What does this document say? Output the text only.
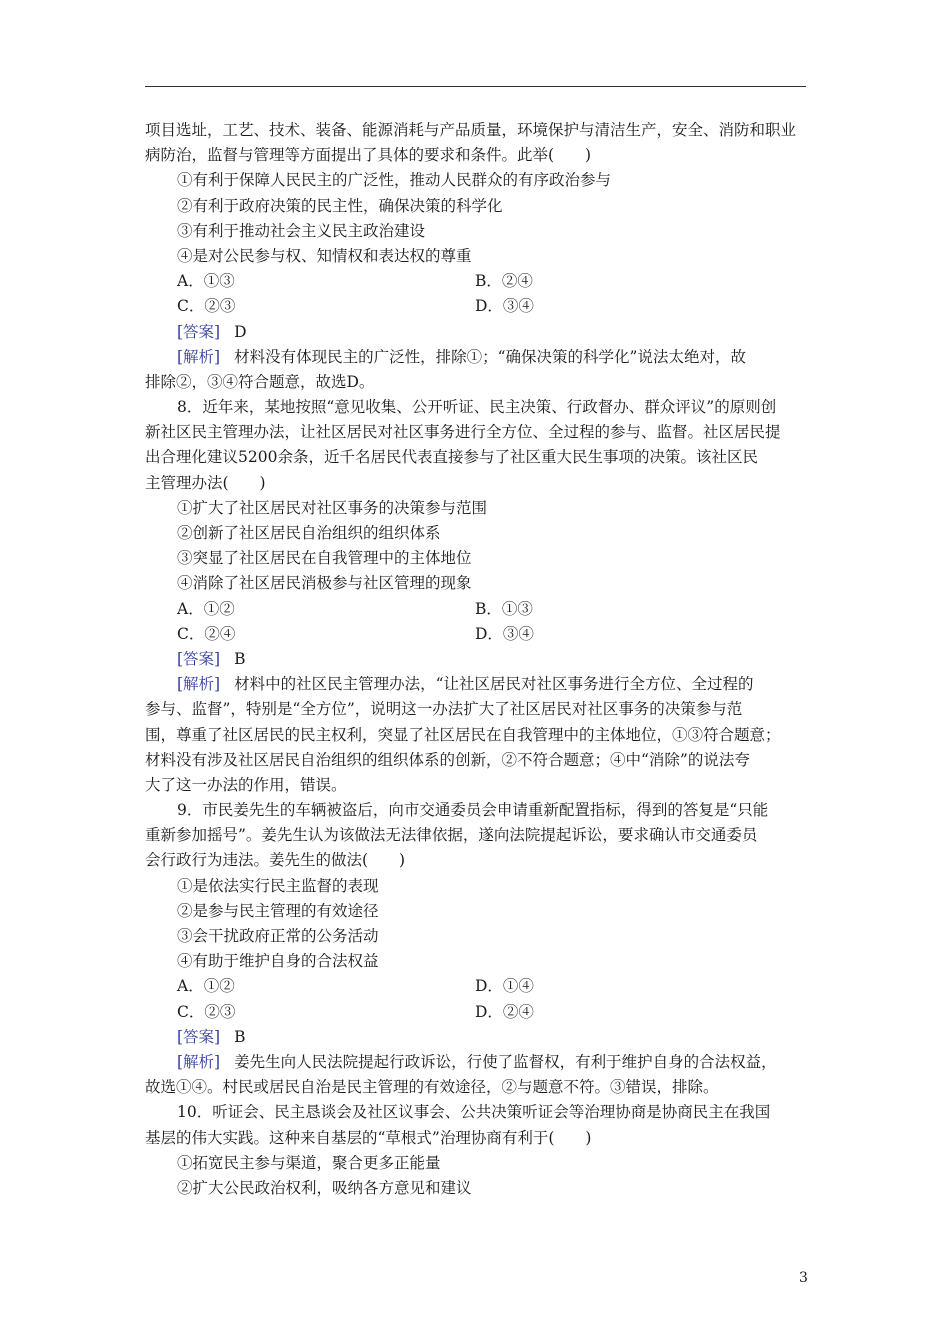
项目选址，工艺、技术、装备、能源消耗与产品质量，环境保护与清洁生产，安全、消防和职业
病防治，监督与管理等方面提出了具体的要求和条件。此举(　　)
①有利于保障人民民主的广泛性，推动人民群众的有序政治参与
②有利于政府决策的民主性，确保决策的科学化
③有利于推动社会主义民主政治建设
④是对公民参与权、知情权和表达权的尊重
A．①③	B．②④
C．②③	D．③④
[答案] D
[解析] 材料没有体现民主的广泛性，排除①；“确保决策的科学化”说法太绝对，故
排除②，③④符合题意，故选D。
8．近年来，某地按照“意见收集、公开听证、民主决策、行政督办、群众评议”的原则创
新社区民主管理办法，让社区居民对社区事务进行全方位、全过程的参与、监督。社区居民提
出合理化建议5200余条，近千名居民代表直接参与了社区重大民生事项的决策。该社区民
主管理办法(　　)
①扩大了社区居民对社区事务的决策参与范围
②创新了社区居民自治组织的组织体系
③突显了社区居民在自我管理中的主体地位
④消除了社区居民消极参与社区管理的现象
A．①②	B．①③
C．②④	D．③④
[答案] B
[解析] 材料中的社区民主管理办法，“让社区居民对社区事务进行全方位、全过程的
参与、监督”，特别是“全方位”，说明这一办法扩大了社区居民对社区事务的决策参与范
围，尊重了社区居民的民主权利，突显了社区居民在自我管理中的主体地位，①③符合题意；
材料没有涉及社区居民自治组织的组织体系的创新，②不符合题意；④中“消除”的说法夸
大了这一办法的作用，错误。
9．市民姜先生的车辆被盗后，向市交通委员会申请重新配置指标，得到的答复是“只能
重新参加摇号”。姜先生认为该做法无法律依据，遂向法院提起诉讼，要求确认市交通委员
会行政行为违法。姜先生的做法(　　)
①是依法实行民主监督的表现
②是参与民主管理的有效途径
③会干扰政府正常的公务活动
④有助于维护自身的合法权益
A．①②	D．①④
C．②③	D．②④
[答案] B
[解析] 姜先生向人民法院提起行政诉讼，行使了监督权，有利于维护自身的合法权益，
故选①④。村民或居民自治是民主管理的有效途径，②与题意不符。③错误，排除。
10．听证会、民主恳谈会及社区议事会、公共决策听证会等治理协商是协商民主在我国
基层的伟大实践。这种来自基层的“草根式”治理协商有利于(　　)
①拓宽民主参与渠道，聚合更多正能量
②扩大公民政治权利，吸纳各方意见和建议
3
